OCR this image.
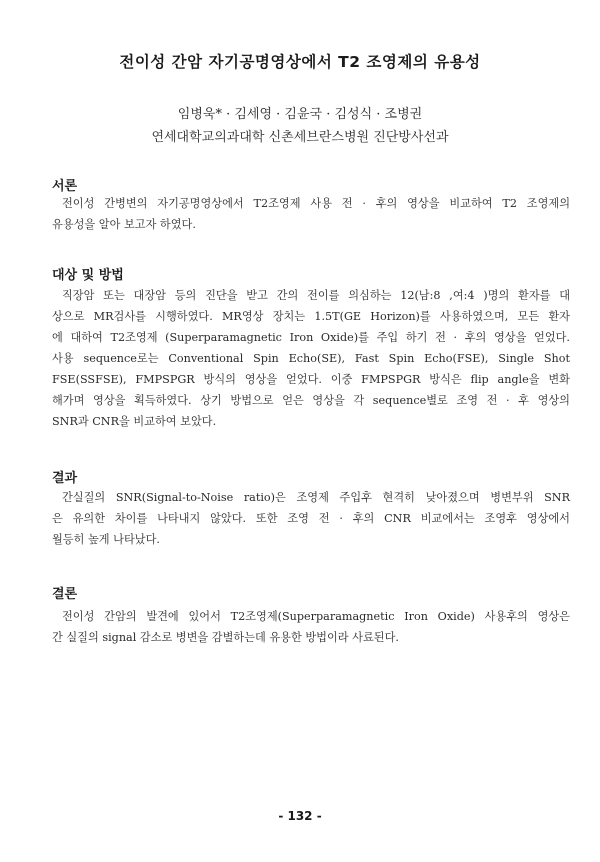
전이성 간암 자기공명영상에서 T2 조영제의 유용성
임병욱* · 김세영 · 김윤국 · 김성식 · 조병권
연세대학교의과대학 신촌세브란스병원 진단방사선과
서론
전이성 간병변의 자기공명영상에서 T2조영제 사용 전 · 후의 영상을 비교하여 T2 조영제의
유용성을 알아 보고자 하였다.
대상 및 방법
직장암 또는 대장암 등의 진단을 받고 간의 전이를 의심하는 12(남:8 ,여:4 )명의 환자를 대
상으로 MR검사를 시행하였다. MR영상 장치는 1.5T(GE Horizon)를 사용하였으며, 모든 환자
에 대하여 T2조영제 (Superparamagnetic Iron Oxide)를 주입 하기 전 · 후의 영상을 얻었다.
사용 sequence로는 Conventional Spin Echo(SE), Fast Spin Echo(FSE), Single Shot
FSE(SSFSE), FMPSPGR 방식의 영상을 얻었다. 이중 FMPSPGR 방식은 flip angle을 변화
해가며 영상을 획득하였다. 상기 방법으로 얻은 영상을 각 sequence별로 조영 전 · 후 영상의
SNR과 CNR을 비교하여 보았다.
결과
간실질의 SNR(Signal-to-Noise ratio)은 조영제 주입후 현격히 낮아졌으며 병변부위 SNR
은 유의한 차이를 나타내지 않았다. 또한 조영 전 · 후의 CNR 비교에서는 조영후 영상에서
월등히 높게 나타났다.
결론
전이성 간암의 발견에 있어서 T2조영제(Superparamagnetic Iron Oxide) 사용후의 영상은
간 실질의 signal 감소로 병변을 감별하는데 유용한 방법이라 사료된다.
- 132 -
